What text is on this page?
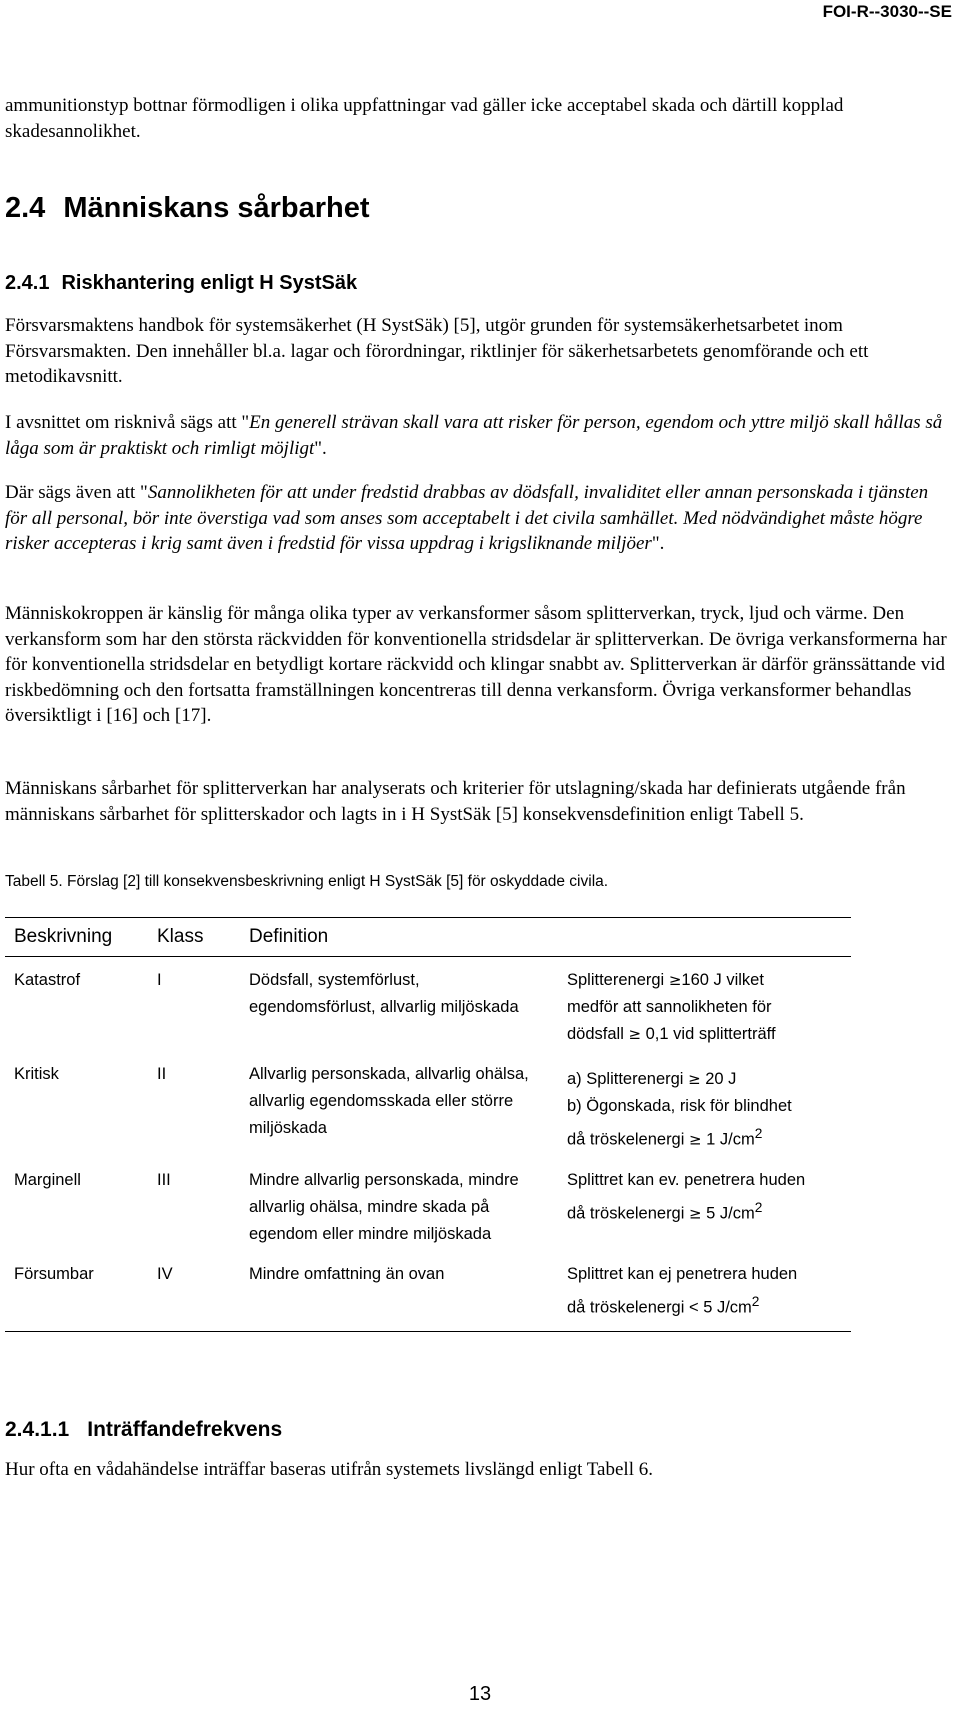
FOI-R--3030--SE

ammunitionstyp bottnar förmodligen i olika uppfattningar vad gäller icke acceptabel skada och därtill kopplad skadesannolikhet.

2.4 Människans sårbarhet
2.4.1 Riskhantering enligt H SystSäk

Försvarsmaktens handbok för systemsäkerhet (H SystSäk) [5], utgör grunden för systemsäkerhetsarbetet inom Försvarsmakten. Den innehåller bl.a. lagar och förordningar, riktlinjer för säkerhetsarbetets genomförande och ett metodikavsnitt.

I avsnittet om risknivå sägs att "En generell strävan skall vara att risker för person, egendom och yttre miljö skall hållas så låga som är praktiskt och rimligt möjligt".

Där sägs även att "Sannolikheten för att under fredstid drabbas av dödsfall, invaliditet eller annan personskada i tjänsten för all personal, bör inte överstiga vad som anses som acceptabelt i det civila samhället. Med nödvändighet måste högre risker accepteras i krig samt även i fredstid för vissa uppdrag i krigsliknande miljöer".

Människokroppen är känslig för många olika typer av verkansformer såsom splitterverkan, tryck, ljud och värme. Den verkansform som har den största räckvidden för konventionella stridsdelar är splitterverkan. De övriga verkansformerna har för konventionella stridsdelar en betydligt kortare räckvidd och klingar snabbt av. Splitterverkan är därför gränssättande vid riskbedömning och den fortsatta framställningen koncentreras till denna verkansform. Övriga verkansformer behandlas översiktligt i [16] och [17].

Människans sårbarhet för splitterverkan har analyserats och kriterier för utslagning/skada har definierats utgående från människans sårbarhet för splitterskador och lagts in i H SystSäk [5] konsekvensdefinition enligt Tabell 5.

Tabell 5. Förslag [2] till konsekvensbeskrivning enligt H SystSäk [5] för oskyddade civila.
Beskrivning	Klass	Definition	

Katastrof	I	Dödsfall, systemförlust, egendomsförlust, allvarlig miljöskada	Splitterenergi ≥160 J vilket
medför att sannolikheten för
dödsfall ≥ 0,1 vid splitterträff

Kritisk	II	Allvarlig personskada, allvarlig ohälsa, allvarlig egendomsskada eller större miljöskada	a) Splitterenergi ≥ 20 J
b) Ögonskada, risk för blindhet
då tröskelenergi ≥ 1 $J/cm^2$

Marginell	III	Mindre allvarlig personskada, mindre allvarlig ohälsa, mindre skada på egendom eller mindre miljöskada	Splittret kan ev. penetrera huden
då tröskelenergi ≥ 5 $J/cm^2$

Försumbar	IV	Mindre omfattning än ovan	Splittret kan ej penetrera huden
då tröskelenergi < 5 $J/cm^2$
2.4.1.1 Inträffandefrekvens

Hur ofta en vådahändelse inträffar baseras utifrån systemets livslängd enligt Tabell 6.

13
